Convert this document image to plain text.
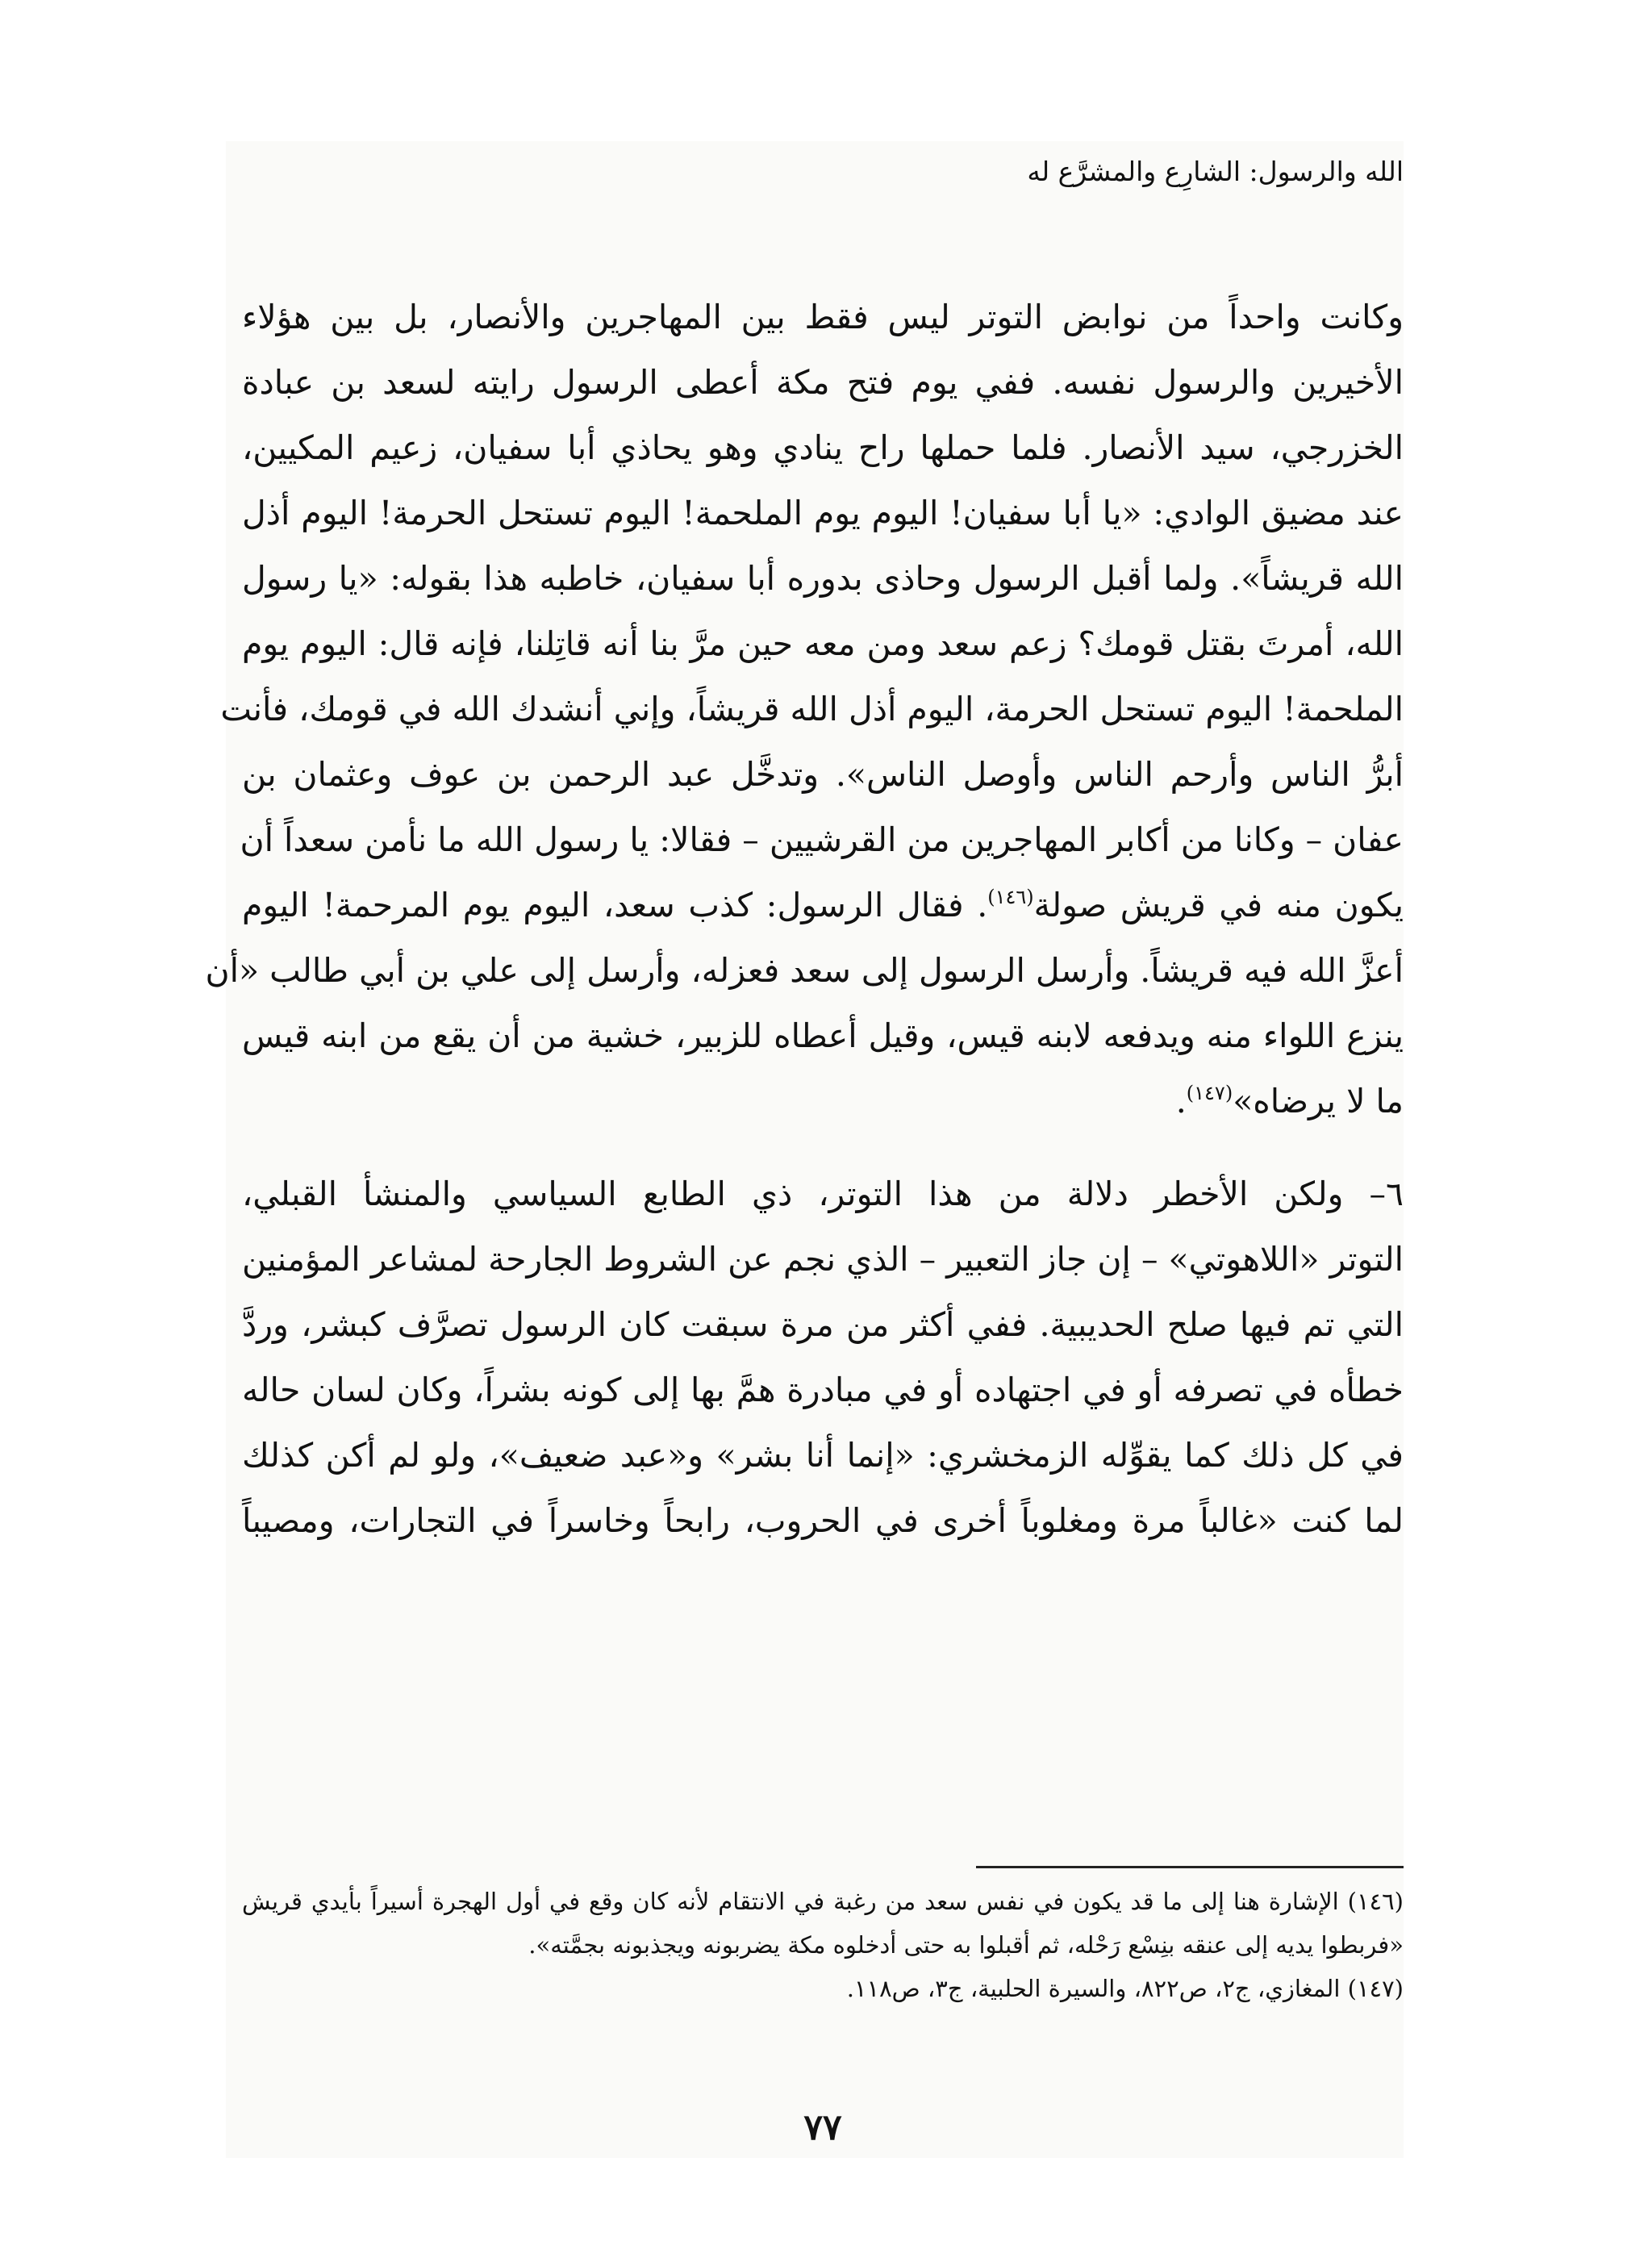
الله والرسول: الشارِع والمشرَّع له
وكانت واحداً من نوابض التوتر ليس فقط بين المهاجرين والأنصار، بل بين هؤلاء
الأخيرين والرسول نفسه. ففي يوم فتح مكة أعطى الرسول رايته لسعد بن عبادة
الخزرجي، سيد الأنصار. فلما حملها راح ينادي وهو يحاذي أبا سفيان، زعيم المكيين،
عند مضيق الوادي: «يا أبا سفيان! اليوم يوم الملحمة! اليوم تستحل الحرمة! اليوم أذل
الله قريشاً». ولما أقبل الرسول وحاذى بدوره أبا سفيان، خاطبه هذا بقوله: «يا رسول
الله، أمرتَ بقتل قومك؟ زعم سعد ومن معه حين مرَّ بنا أنه قاتِلنا، فإنه قال: اليوم يوم
الملحمة! اليوم تستحل الحرمة، اليوم أذل الله قريشاً، وإني أنشدك الله في قومك، فأنت
أبرُّ الناس وأرحم الناس وأوصل الناس». وتدخَّل عبد الرحمن بن عوف وعثمان بن
عفان – وكانا من أكابر المهاجرين من القرشيين – فقالا: يا رسول الله ما نأمن سعداً أن
يكون منه في قريش صولة$^{(١٤٦)}$. فقال الرسول: كذب سعد، اليوم يوم المرحمة! اليوم
أعزَّ الله فيه قريشاً. وأرسل الرسول إلى سعد فعزله، وأرسل إلى علي بن أبي طالب «أن
ينزع اللواء منه ويدفعه لابنه قيس، وقيل أعطاه للزبير، خشية من أن يقع من ابنه قيس
ما لا يرضاه»$^{(١٤٧)}$.
٦– ولكن الأخطر دلالة من هذا التوتر، ذي الطابع السياسي والمنشأ القبلي،
التوتر «اللاهوتي» – إن جاز التعبير – الذي نجم عن الشروط الجارحة لمشاعر المؤمنين
التي تم فيها صلح الحديبية. ففي أكثر من مرة سبقت كان الرسول تصرَّف كبشر، وردَّ
خطأه في تصرفه أو في اجتهاده أو في مبادرة همَّ بها إلى كونه بشراً، وكان لسان حاله
في كل ذلك كما يقوِّله الزمخشري: «إنما أنا بشر» و«عبد ضعيف»، ولو لم أكن كذلك
لما كنت «غالباً مرة ومغلوباً أخرى في الحروب، رابحاً وخاسراً في التجارات، ومصيباً
(١٤٦) الإشارة هنا إلى ما قد يكون في نفس سعد من رغبة في الانتقام لأنه كان وقع في أول الهجرة أسيراً بأيدي قريش
«فربطوا يديه إلى عنقه بنِسْع رَحْله، ثم أقبلوا به حتى أدخلوه مكة يضربونه ويجذبونه بجمَّته».
(١٤٧) المغازي، ج٢، ص٨٢٢، والسيرة الحلبية، ج٣، ص١١٨.
٧٧
